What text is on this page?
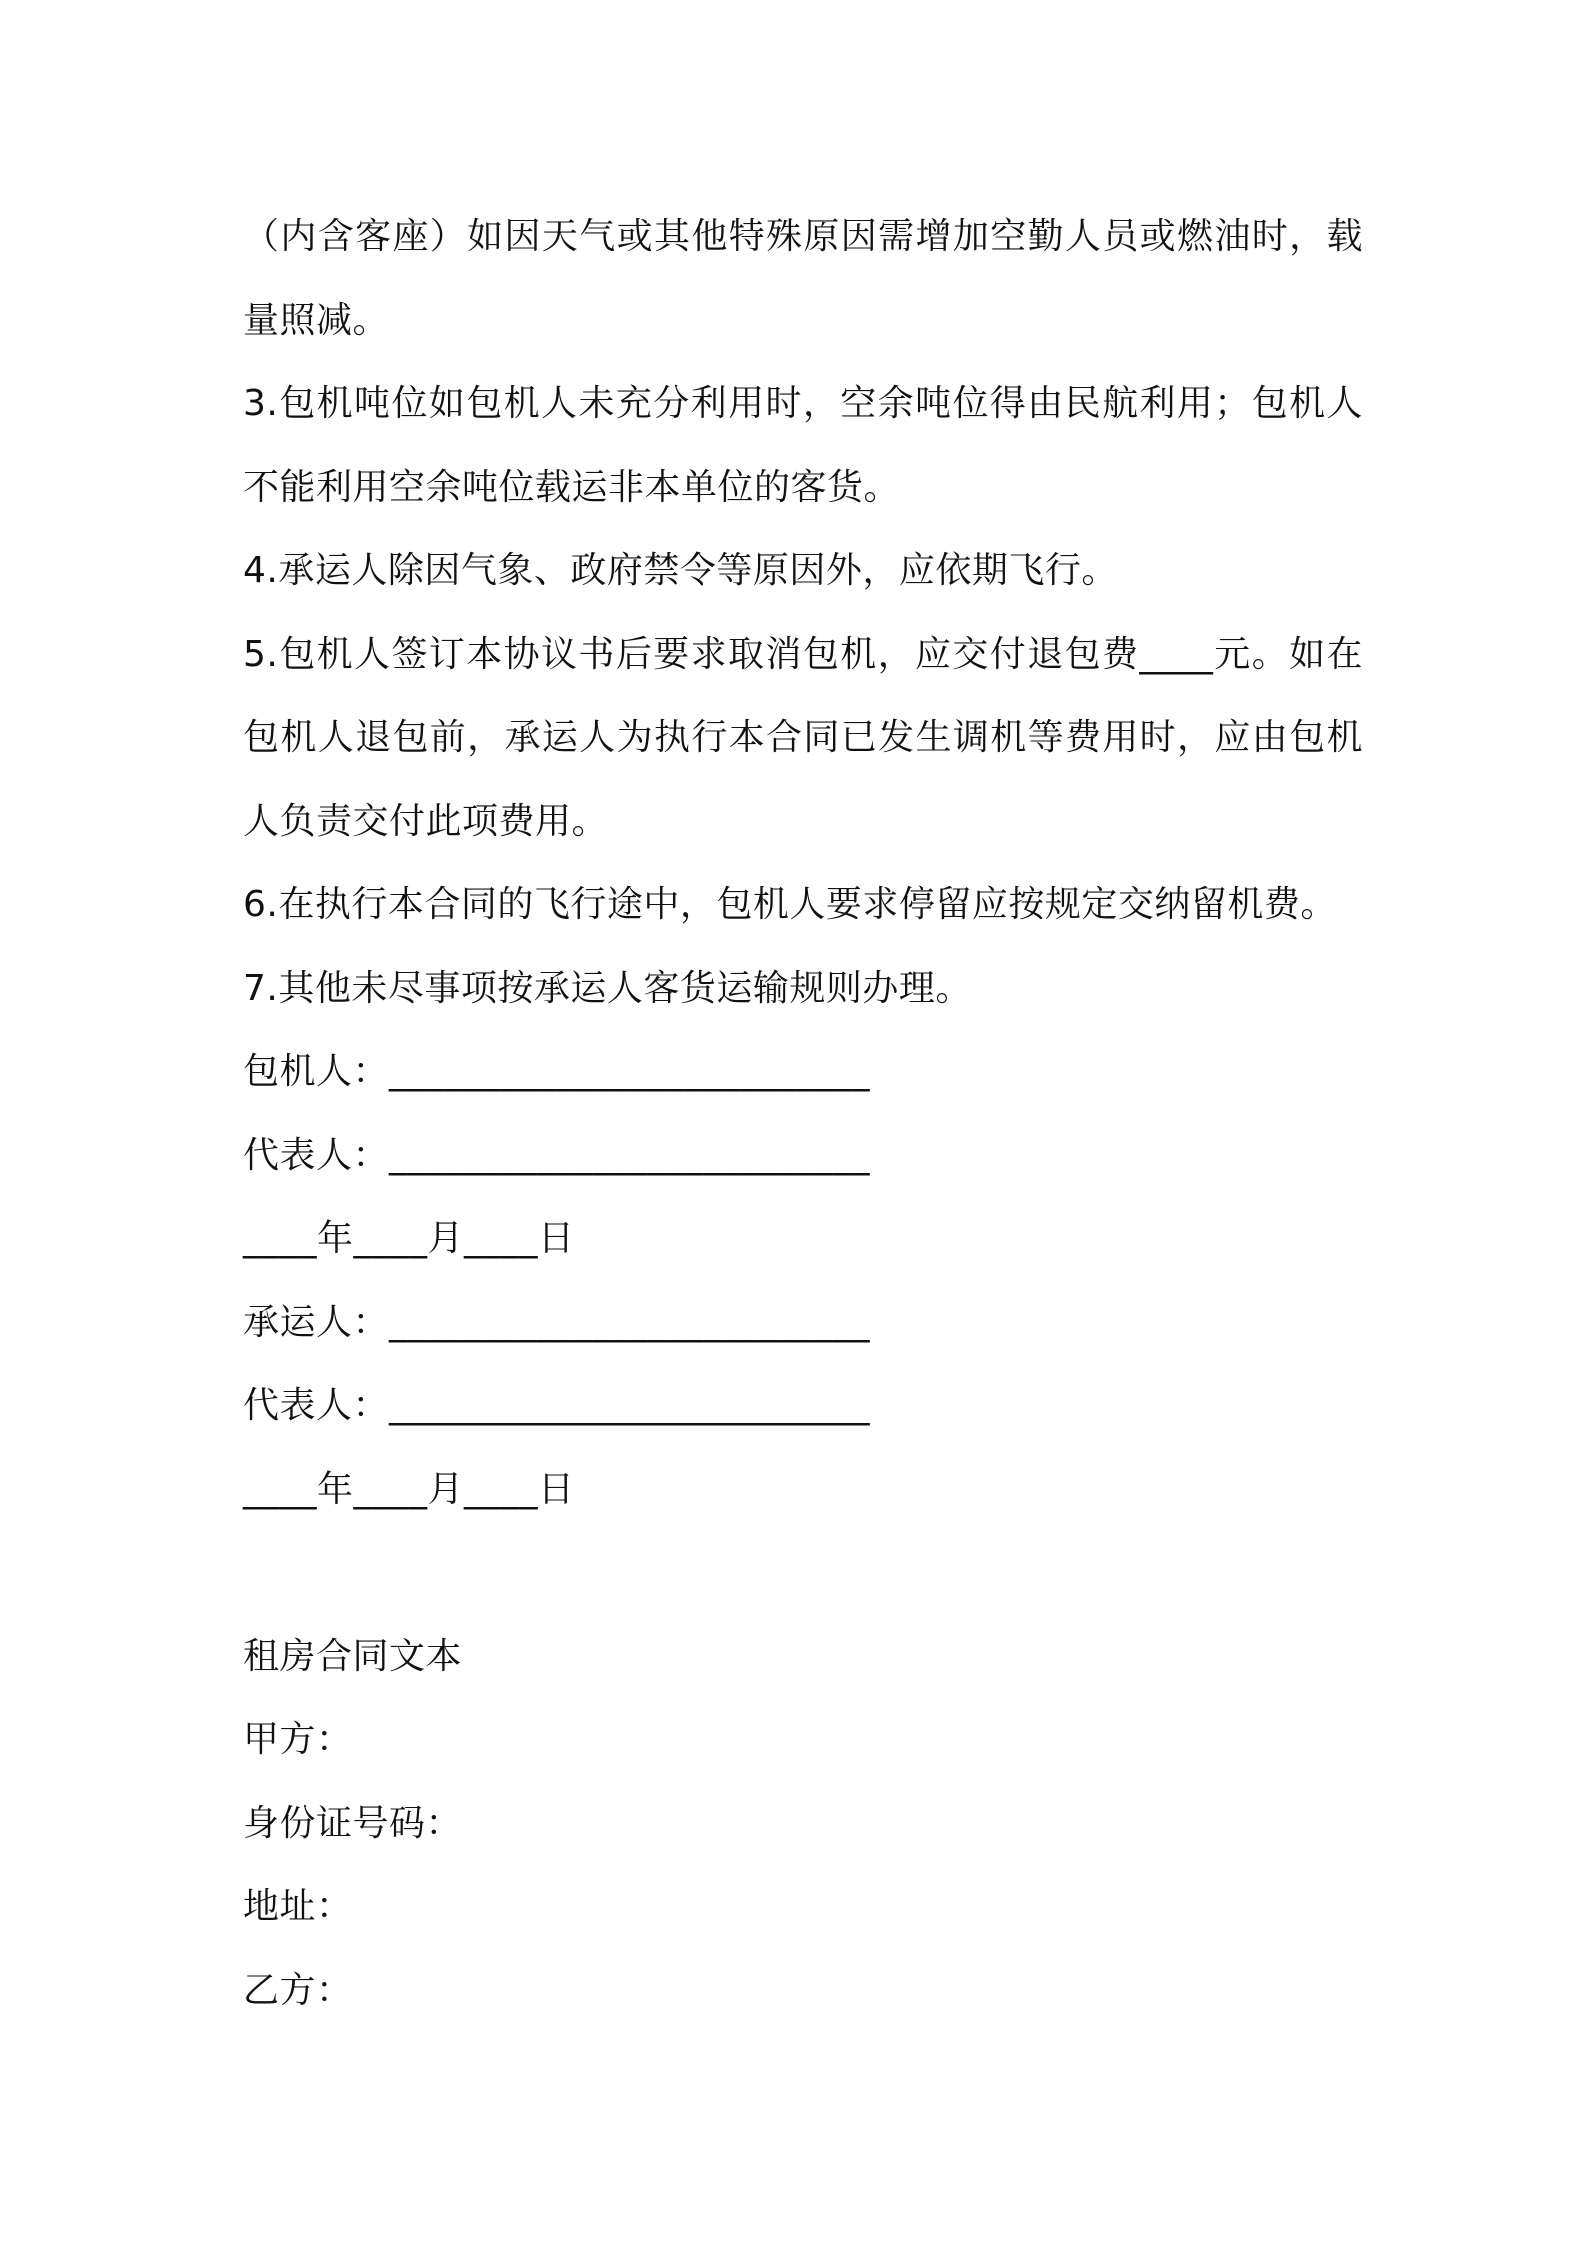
（内含客座）如因天气或其他特殊原因需增加空勤人员或燃油时，载
量照减。
3.包机吨位如包机人未充分利用时，空余吨位得由民航利用；包机人
不能利用空余吨位载运非本单位的客货。
4.承运人除因气象、政府禁令等原因外，应依期飞行。
5.包机人签订本协议书后要求取消包机，应交付退包费____元。如在
包机人退包前，承运人为执行本合同已发生调机等费用时，应由包机
人负责交付此项费用。
6.在执行本合同的飞行途中，包机人要求停留应按规定交纳留机费。
7.其他未尽事项按承运人客货运输规则办理。
包机人：__________________________
代表人：__________________________
____年____月____日
承运人：__________________________
代表人：__________________________
____年____月____日
租房合同文本
甲方：
身份证号码：
地址：
乙方：
